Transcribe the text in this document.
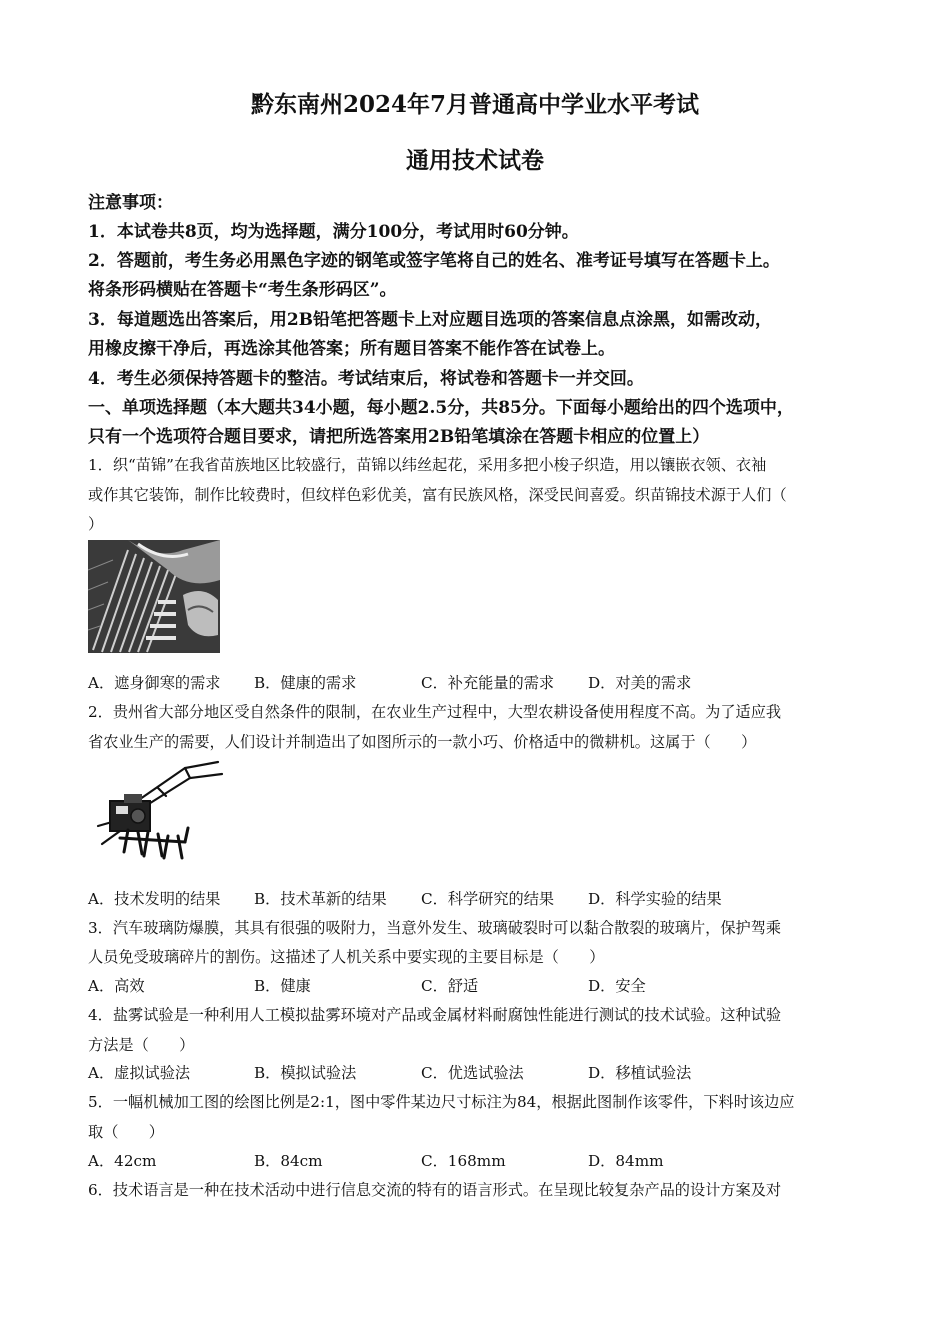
黔东南州2024年7月普通高中学业水平考试
通用技术试卷
注意事项：
1．本试卷共8页，均为选择题，满分100分，考试用时60分钟。
2．答题前，考生务必用黑色字迹的钢笔或签字笔将自己的姓名、准考证号填写在答题卡上。
将条形码横贴在答题卡“考生条形码区”。
3．每道题选出答案后，用2B铅笔把答题卡上对应题目选项的答案信息点涂黑，如需改动，
用橡皮擦干净后，再选涂其他答案；所有题目答案不能作答在试卷上。
4．考生必须保持答题卡的整洁。考试结束后，将试卷和答题卡一并交回。
一、单项选择题（本大题共34小题，每小题2.5分，共85分。下面每小题给出的四个选项中，
只有一个选项符合题目要求，请把所选答案用2B铅笔填涂在答题卡相应的位置上）
1．织“苗锦”在我省苗族地区比较盛行，苗锦以纬丝起花，采用多把小梭子织造，用以镶嵌衣领、衣袖
或作其它装饰，制作比较费时，但纹样色彩优美，富有民族风格，深受民间喜爱。织苗锦技术源于人们（
）
A．遮身御寒的需求 B．健康的需求	C．补充能量的需求 D．对美的需求
2．贵州省大部分地区受自然条件的限制，在农业生产过程中，大型农耕设备使用程度不高。为了适应我
省农业生产的需要，人们设计并制造出了如图所示的一款小巧、价格适中的微耕机。这属于（　　）
A．技术发明的结果 B．技术革新的结果 C．科学研究的结果 D．科学实验的结果
3．汽车玻璃防爆膜，其具有很强的吸附力，当意外发生、玻璃破裂时可以黏合散裂的玻璃片，保护驾乘
人员免受玻璃碎片的割伤。这描述了人机关系中要实现的主要目标是（　　）
A．高效	B．健康	C．舒适	D．安全
4．盐雾试验是一种利用人工模拟盐雾环境对产品或金属材料耐腐蚀性能进行测试的技术试验。这种试验
方法是（　　）
A．虚拟试验法	B．模拟试验法	C．优选试验法	D．移植试验法
5．一幅机械加工图的绘图比例是2:1，图中零件某边尺寸标注为84，根据此图制作该零件，下料时该边应
取（　　）
A．42cm	B．84cm	C．168mm	D．84mm
6．技术语言是一种在技术活动中进行信息交流的特有的语言形式。在呈现比较复杂产品的设计方案及对
